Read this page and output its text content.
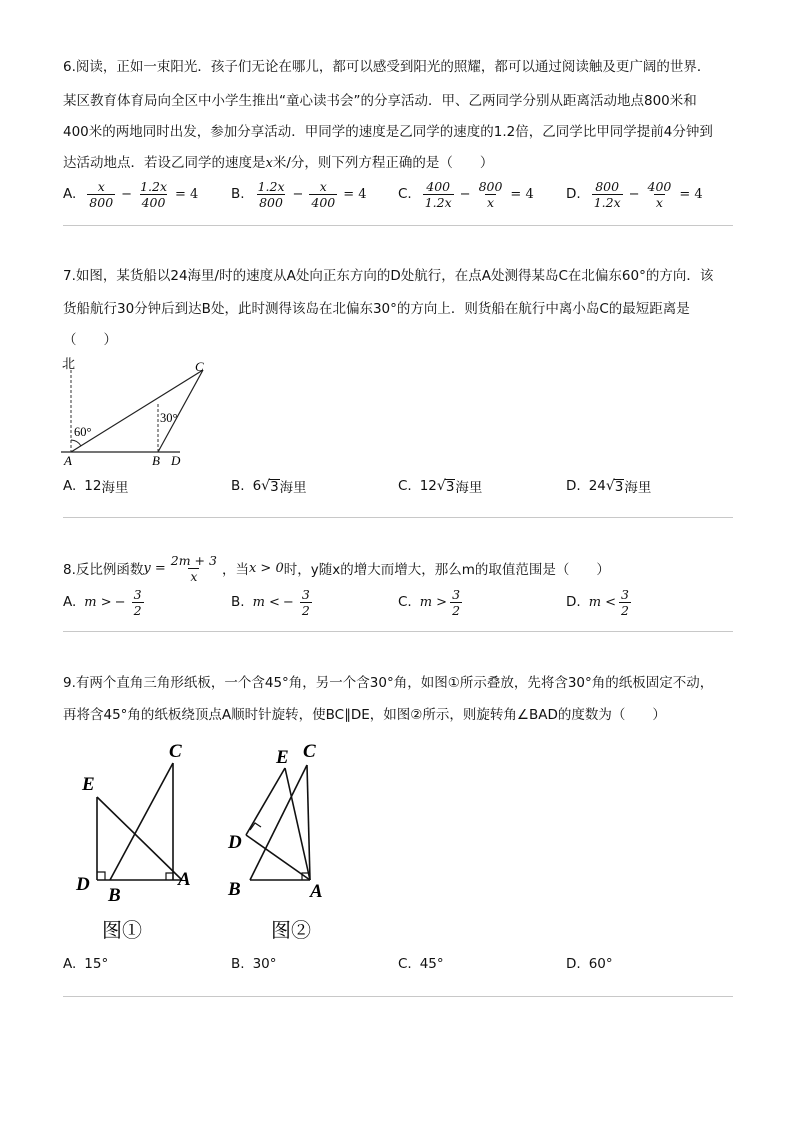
6.阅读，正如一束阳光．孩子们无论在哪儿，都可以感受到阳光的照耀，都可以通过阅读触及更广阔的世界．
某区教育体育局向全区中小学生推出“童心读书会”的分享活动．甲、乙两同学分别从距离活动地点800米和
400米的两地同时出发，参加分享活动．甲同学的速度是乙同学的速度的1.2倍，乙同学比甲同学提前4分钟到
达活动地点．若设乙同学的速度是x米/分，则下列方程正确的是（　　）
A. $\frac{x}{800} - \frac{1.2x}{400} = 4$ B. $\frac{1.2x}{800} - \frac{x}{400} = 4$ C. $\frac{400}{1.2x} - \frac{800}{x} = 4$ D. $\frac{800}{1.2x} - \frac{400}{x} = 4$
7.如图，某货船以24海里/时的速度从A处向正东方向的D处航行，在点A处测得某岛C在北偏东60°的方向．该
货船航行30分钟后到达B处，此时测得该岛在北偏东30°的方向上．则货船在航行中离小岛C的最短距离是
（　　）
北
60°
30°
A	B D
C
A. 12 海里	B. 6 √ 3 海里	C. 12 √ 3 海里	D. 24 √ 3 海里
8.反比例函数 $y = \frac{2m + 3}{x}$ ，当 x > 0 时，y随x的增大而增大，那么m的取值范围是（　　）
A. m > − $\frac{3}{2}$	B. m < − $\frac{3}{2}$	C. $m > \frac{3}{2}$	D. $m < \frac{3}{2}$
9.有两个直角三角形纸板，一个含45°角，另一个含30°角，如图①所示叠放，先将含30°角的纸板固定不动，
再将含45°角的纸板绕顶点A顺时针旋转，使BC∥DE，如图②所示，则旋转角∠BAD的度数为（　　）
E
C
D
B
A
图①
E C
D
B	A
图②
A. 15°	B. 30°	C. 45°	D. 60°
